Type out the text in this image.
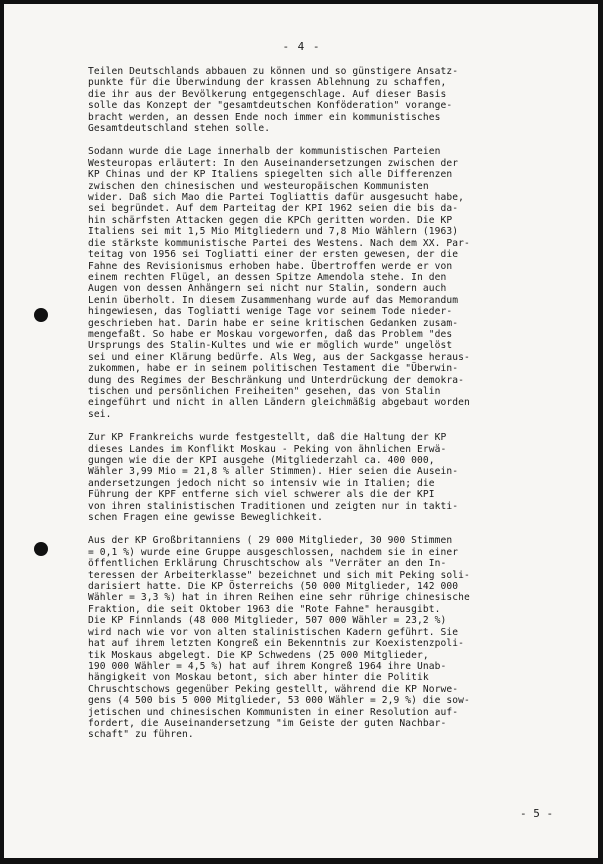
- 4 -
Teilen Deutschlands abbauen zu können und so günstigere Ansatz-
punkte für die Überwindung der krassen Ablehnung zu schaffen,
die ihr aus der Bevölkerung entgegenschlage. Auf dieser Basis
solle das Konzept der "gesamtdeutschen Konföderation" vorange-
bracht werden, an dessen Ende noch immer ein kommunistisches
Gesamtdeutschland stehen solle.
Sodann wurde die Lage innerhalb der kommunistischen Parteien
Westeuropas erläutert: In den Auseinandersetzungen zwischen der
KP Chinas und der KP Italiens spiegelten sich alle Differenzen
zwischen den chinesischen und westeuropäischen Kommunisten
wider. Daß sich Mao die Partei Togliattis dafür ausgesucht habe,
sei begründet. Auf dem Parteitag der KPI 1962 seien die bis da-
hin schärfsten Attacken gegen die KPCh geritten worden. Die KP
Italiens sei mit 1,5 Mio Mitgliedern und 7,8 Mio Wählern (1963)
die stärkste kommunistische Partei des Westens. Nach dem XX. Par-
teitag von 1956 sei Togliatti einer der ersten gewesen, der die
Fahne des Revisionismus erhoben habe. Übertroffen werde er von
einem rechten Flügel, an dessen Spitze Amendola stehe. In den
Augen von dessen Anhängern sei nicht nur Stalin, sondern auch
Lenin überholt. In diesem Zusammenhang wurde auf das Memorandum
hingewiesen, das Togliatti wenige Tage vor seinem Tode nieder-
geschrieben hat. Darin habe er seine kritischen Gedanken zusam-
mengefaßt. So habe er Moskau vorgeworfen, daß das Problem "des
Ursprungs des Stalin-Kultes und wie er möglich wurde" ungelöst
sei und einer Klärung bedürfe. Als Weg, aus der Sackgasse heraus-
zukommen, habe er in seinem politischen Testament die "Überwin-
dung des Regimes der Beschränkung und Unterdrückung der demokra-
tischen und persönlichen Freiheiten" gesehen, das von Stalin
eingeführt und nicht in allen Ländern gleichmäßig abgebaut worden
sei.
Zur KP Frankreichs wurde festgestellt, daß die Haltung der KP
dieses Landes im Konflikt Moskau - Peking von ähnlichen Erwä-
gungen wie die der KPI ausgehe (Mitgliederzahl ca. 400 000,
Wähler 3,99 Mio = 21,8 % aller Stimmen). Hier seien die Ausein-
andersetzungen jedoch nicht so intensiv wie in Italien; die
Führung der KPF entferne sich viel schwerer als die der KPI
von ihren stalinistischen Traditionen und zeigten nur in takti-
schen Fragen eine gewisse Beweglichkeit.
Aus der KP Großbritanniens ( 29 000 Mitglieder, 30 900 Stimmen
= 0,1 %) wurde eine Gruppe ausgeschlossen, nachdem sie in einer
öffentlichen Erklärung Chruschtschow als "Verräter an den In-
teressen der Arbeiterklasse" bezeichnet und sich mit Peking soli-
darisiert hatte. Die KP Österreichs (50 000 Mitglieder, 142 000
Wähler = 3,3 %) hat in ihren Reihen eine sehr rührige chinesische
Fraktion, die seit Oktober 1963 die "Rote Fahne" herausgibt.
Die KP Finnlands (48 000 Mitglieder, 507 000 Wähler = 23,2 %)
wird nach wie vor von alten stalinistischen Kadern geführt. Sie
hat auf ihrem letzten Kongreß ein Bekenntnis zur Koexistenzpoli-
tik Moskaus abgelegt. Die KP Schwedens (25 000 Mitglieder,
190 000 Wähler = 4,5 %) hat auf ihrem Kongreß 1964 ihre Unab-
hängigkeit von Moskau betont, sich aber hinter die Politik
Chruschtschows gegenüber Peking gestellt, während die KP Norwe-
gens (4 500 bis 5 000 Mitglieder, 53 000 Wähler = 2,9 %) die sow-
jetischen und chinesischen Kommunisten in einer Resolution auf-
fordert, die Auseinandersetzung "im Geiste der guten Nachbar-
schaft" zu führen.
- 5 -
